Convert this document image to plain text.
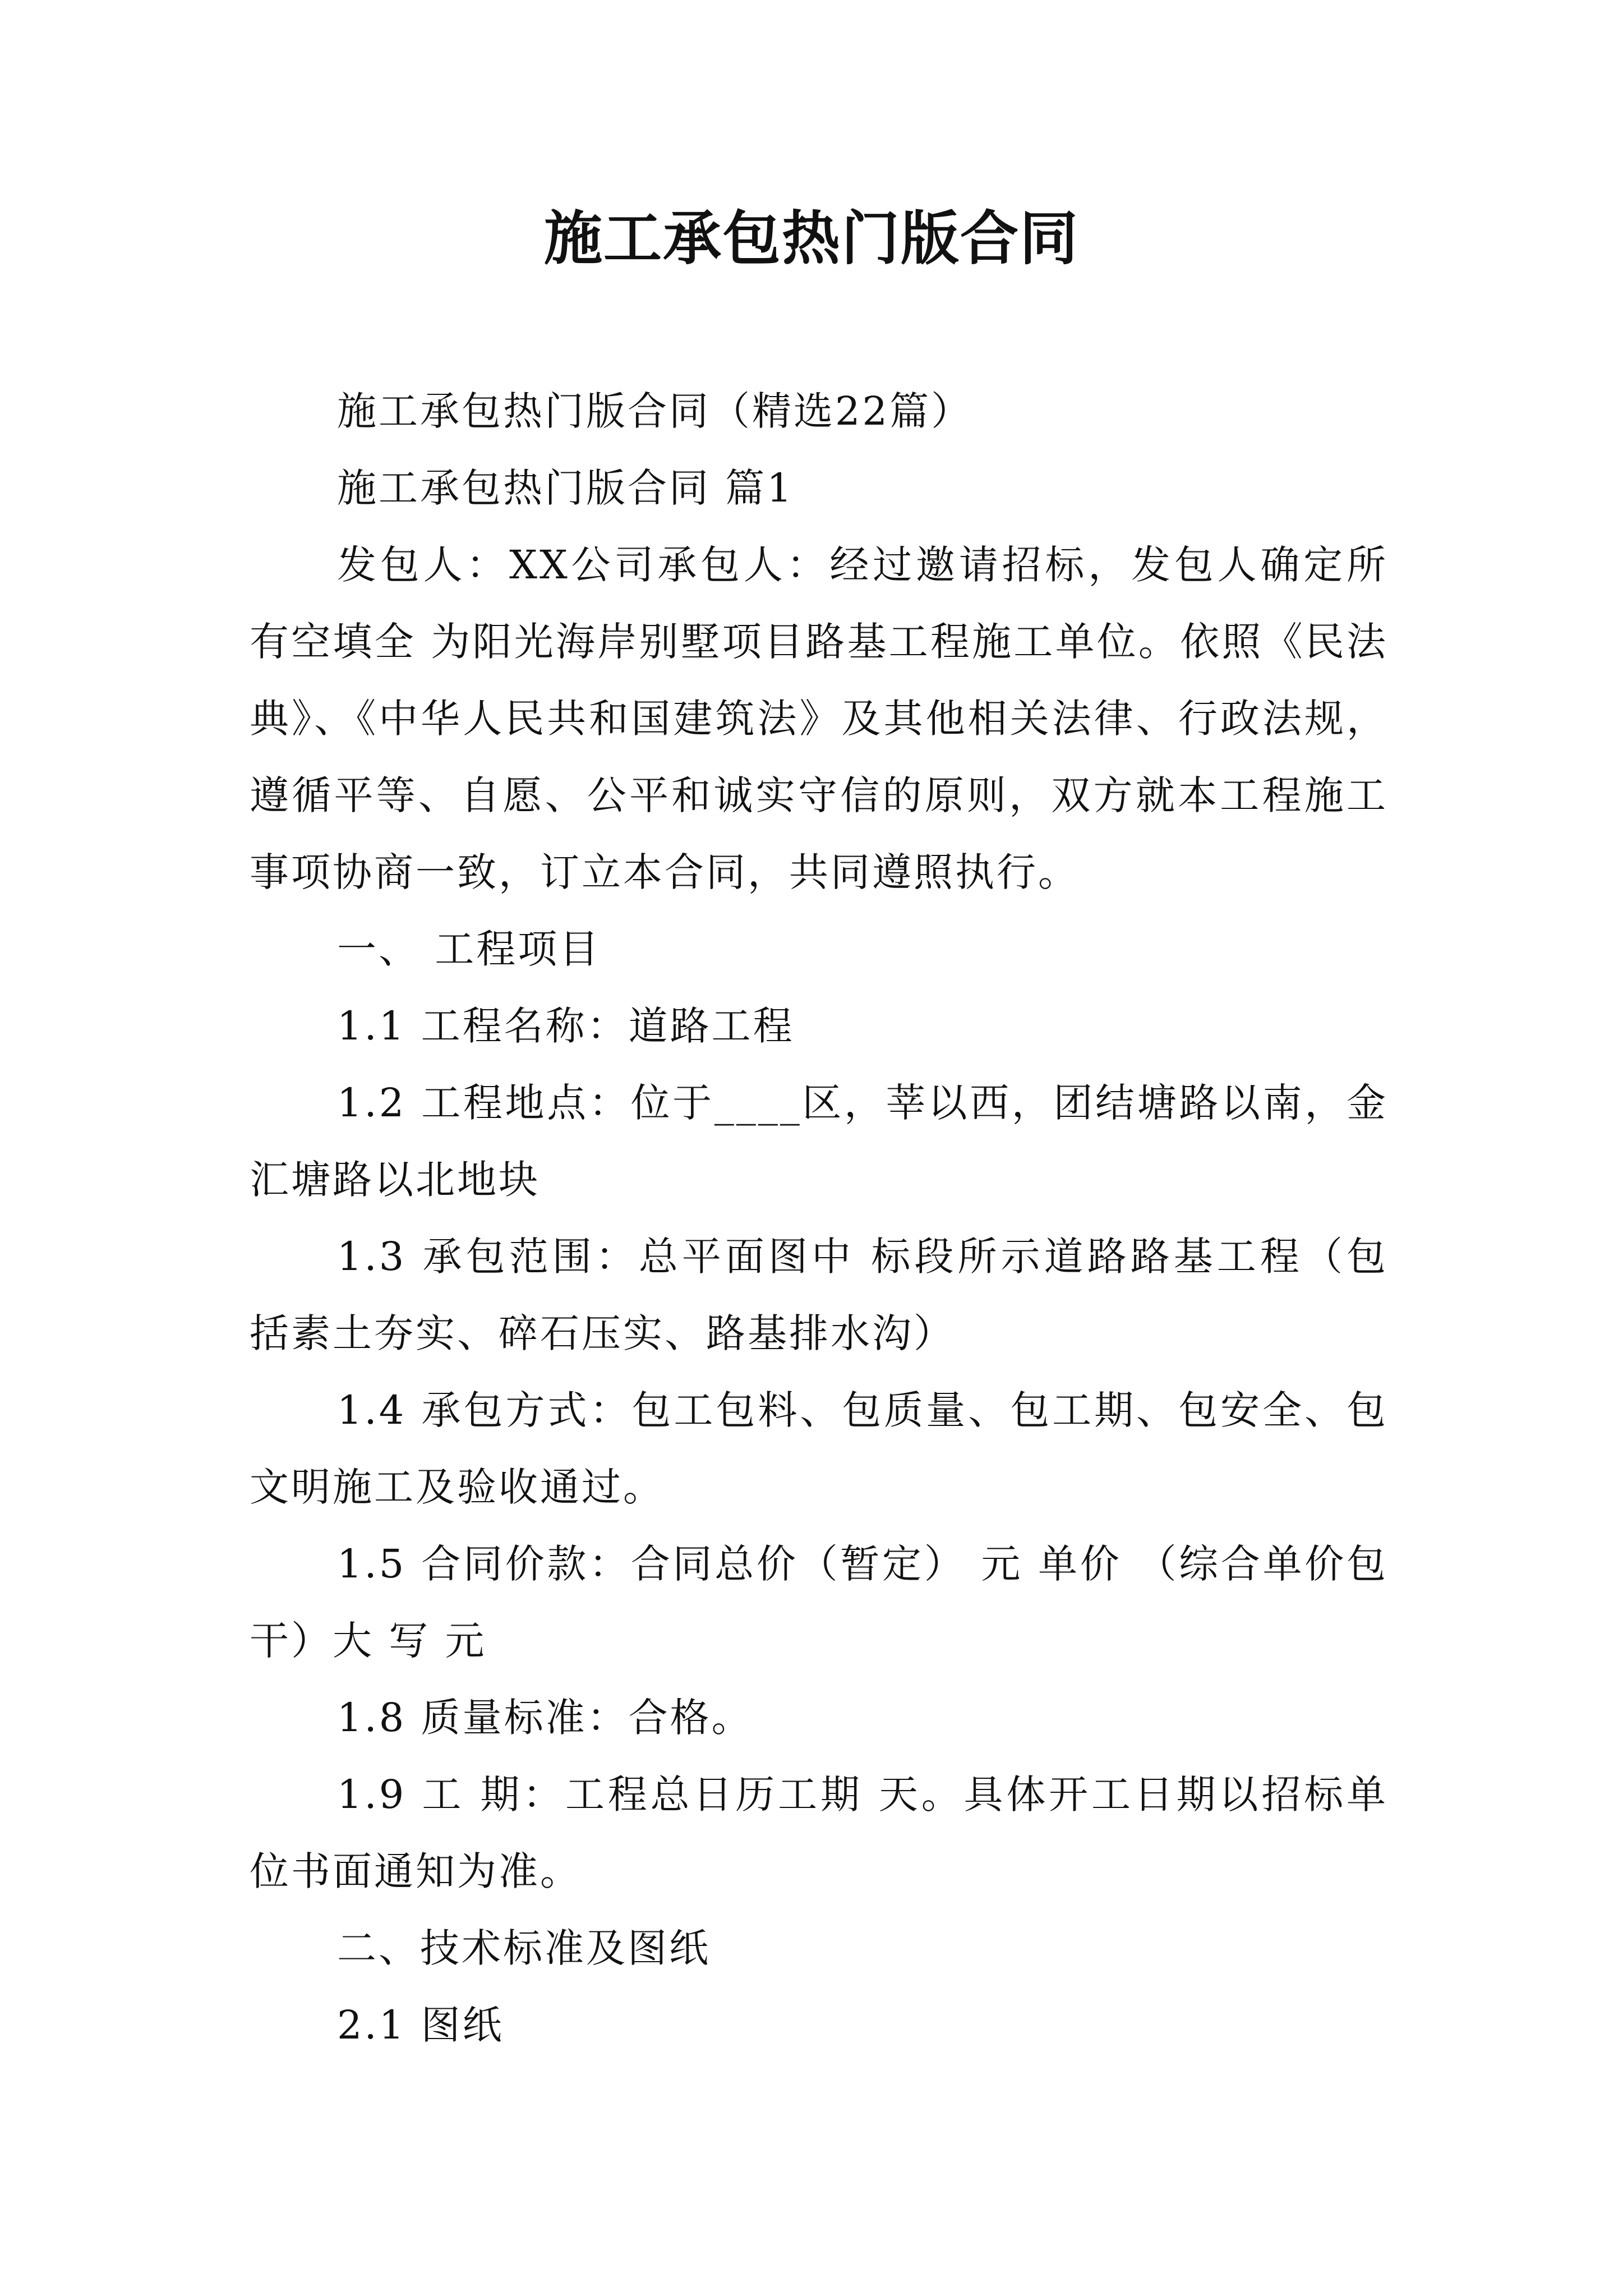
施工承包热门版合同

施工承包热门版合同（精选22篇）

施工承包热门版合同 篇1

发包人：XX公司承包人：经过邀请招标，发包人确定所有空填全 为阳光海岸别墅项目路基工程施工单位。依照《民法典》、《中华人民共和国建筑法》及其他相关法律、行政法规，遵循平等、自愿、公平和诚实守信的原则，双方就本工程施工事项协商一致，订立本合同，共同遵照执行。

一、 工程项目

1.1 工程名称：道路工程

1.2 工程地点：位于____区，莘以西，团结塘路以南，金汇塘路以北地块

1.3 承包范围：总平面图中 标段所示道路路基工程（包括素土夯实、碎石压实、路基排水沟）

1.4 承包方式：包工包料、包质量、包工期、包安全、包文明施工及验收通过。

1.5 合同价款：合同总价（暂定） 元 单价 （综合单价包干）大 写 元

1.8 质量标准：合格。

1.9 工 期：工程总日历工期 天。具体开工日期以招标单位书面通知为准。

二、技术标准及图纸

2.1 图纸
